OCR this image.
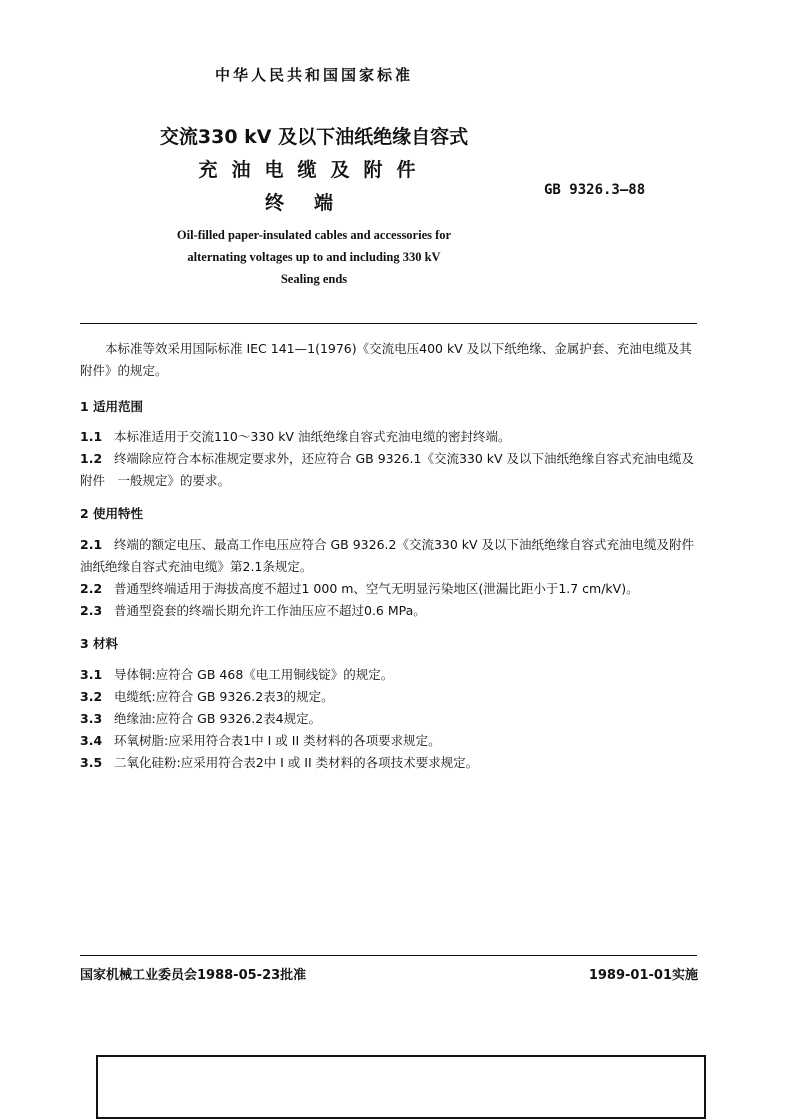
中华人民共和国国家标准
交流330 kV 及以下油纸绝缘自容式
充油电缆及附件
终端
GB 9326.3—88
Oil-filled paper-insulated cables and accessories for
alternating voltages up to and including 330 kV
Sealing ends
本标准等效采用国际标准 IEC 141—1(1976)《交流电压400 kV 及以下纸绝缘、金属护套、充油电缆及其附件》的规定。
1 适用范围
1.1 本标准适用于交流110～330 kV 油纸绝缘自容式充油电缆的密封终端。
1.2 终端除应符合本标准规定要求外，还应符合 GB 9326.1《交流330 kV 及以下油纸绝缘自容式充油电缆及附件　一般规定》的要求。
2 使用特性
2.1 终端的额定电压、最高工作电压应符合 GB 9326.2《交流330 kV 及以下油纸绝缘自容式充油电缆及附件　油纸绝缘自容式充油电缆》第2.1条规定。
2.2 普通型终端适用于海拔高度不超过1 000 m、空气无明显污染地区(泄漏比距小于1.7 cm/kV)。
2.3 普通型瓷套的终端长期允许工作油压应不超过0.6 MPa。
3 材料
3.1 导体铜:应符合 GB 468《电工用铜线锭》的规定。
3.2 电缆纸:应符合 GB 9326.2表3的规定。
3.3 绝缘油:应符合 GB 9326.2表4规定。
3.4 环氧树脂:应采用符合表1中 I 或 II 类材料的各项要求规定。
3.5 二氧化硅粉:应采用符合表2中 I 或 II 类材料的各项技术要求规定。
国家机械工业委员会1988-05-23批准	1989-01-01实施
